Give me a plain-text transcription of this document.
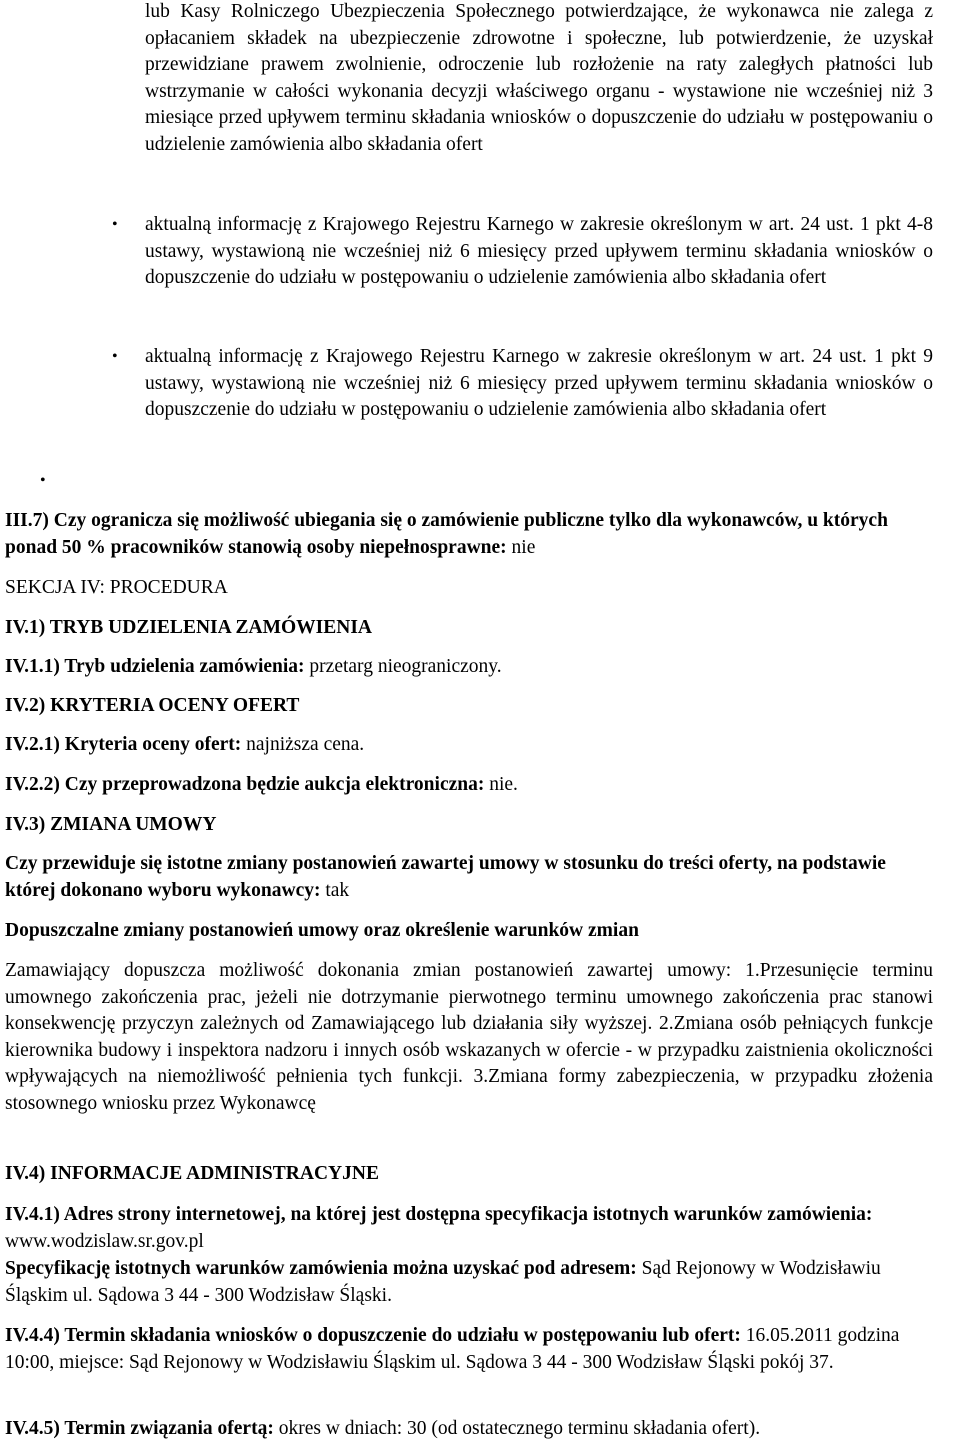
lub Kasy Rolniczego Ubezpieczenia Społecznego potwierdzające, że wykonawca nie zalega z opłacaniem składek na ubezpieczenie zdrowotne i społeczne, lub potwierdzenie, że uzyskał przewidziane prawem zwolnienie, odroczenie lub rozłożenie na raty zaległych płatności lub wstrzymanie w całości wykonania decyzji właściwego organu - wystawione nie wcześniej niż 3 miesiące przed upływem terminu składania wniosków o dopuszczenie do udziału w postępowaniu o udzielenie zamówienia albo składania ofert
• aktualną informację z Krajowego Rejestru Karnego w zakresie określonym w art. 24 ust. 1 pkt 4-8 ustawy, wystawioną nie wcześniej niż 6 miesięcy przed upływem terminu składania wniosków o dopuszczenie do udziału w postępowaniu o udzielenie zamówienia albo składania ofert
• aktualną informację z Krajowego Rejestru Karnego w zakresie określonym w art. 24 ust. 1 pkt 9 ustawy, wystawioną nie wcześniej niż 6 miesięcy przed upływem terminu składania wniosków o dopuszczenie do udziału w postępowaniu o udzielenie zamówienia albo składania ofert
•
III.7) Czy ogranicza się możliwość ubiegania się o zamówienie publiczne tylko dla wykonawców, u których ponad 50 % pracowników stanowią osoby niepełnosprawne: nie
SEKCJA IV: PROCEDURA
IV.1) TRYB UDZIELENIA ZAMÓWIENIA
IV.1.1) Tryb udzielenia zamówienia: przetarg nieograniczony.
IV.2) KRYTERIA OCENY OFERT
IV.2.1) Kryteria oceny ofert: najniższa cena.
IV.2.2) Czy przeprowadzona będzie aukcja elektroniczna: nie.
IV.3) ZMIANA UMOWY
Czy przewiduje się istotne zmiany postanowień zawartej umowy w stosunku do treści oferty, na podstawie której dokonano wyboru wykonawcy: tak
Dopuszczalne zmiany postanowień umowy oraz określenie warunków zmian
Zamawiający dopuszcza możliwość dokonania zmian postanowień zawartej umowy: 1.Przesunięcie terminu umownego zakończenia prac, jeżeli nie dotrzymanie pierwotnego terminu umownego zakończenia prac stanowi konsekwencję przyczyn zależnych od Zamawiającego lub działania siły wyższej. 2.Zmiana osób pełniących funkcje kierownika budowy i inspektora nadzoru i innych osób wskazanych w ofercie - w przypadku zaistnienia okoliczności wpływających na niemożliwość pełnienia tych funkcji. 3.Zmiana formy zabezpieczenia, w przypadku złożenia stosownego wniosku przez Wykonawcę
IV.4) INFORMACJE ADMINISTRACYJNE
IV.4.1) Adres strony internetowej, na której jest dostępna specyfikacja istotnych warunków zamówienia: www.wodzislaw.sr.gov.pl
Specyfikację istotnych warunków zamówienia można uzyskać pod adresem: Sąd Rejonowy w Wodzisławiu Śląskim ul. Sądowa 3 44 - 300 Wodzisław Śląski.
IV.4.4) Termin składania wniosków o dopuszczenie do udziału w postępowaniu lub ofert: 16.05.2011 godzina 10:00, miejsce: Sąd Rejonowy w Wodzisławiu Śląskim ul. Sądowa 3 44 - 300 Wodzisław Śląski pokój 37.
IV.4.5) Termin związania ofertą: okres w dniach: 30 (od ostatecznego terminu składania ofert).
